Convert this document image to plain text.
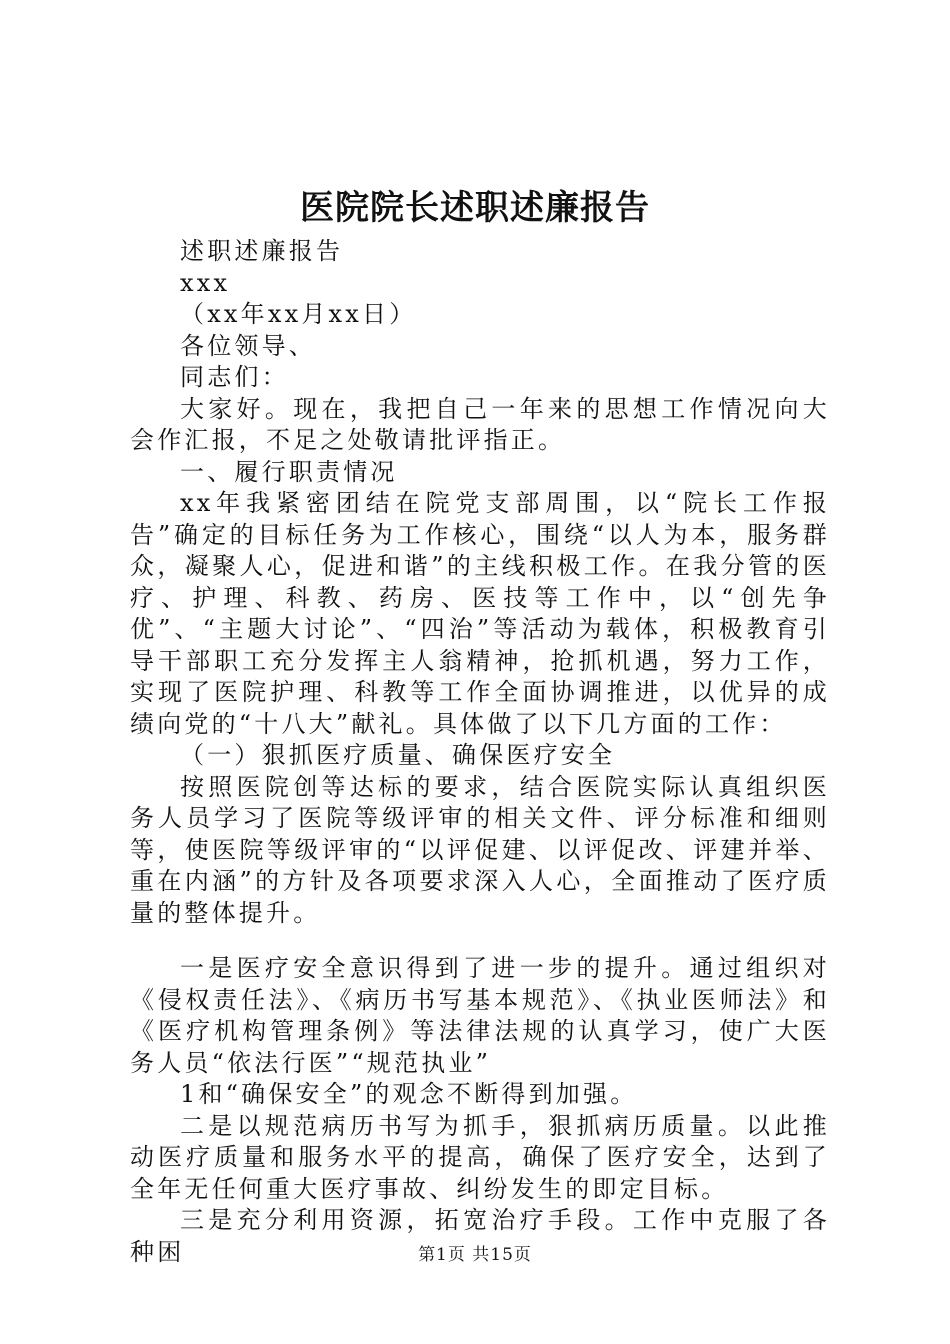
医院院长述职述廉报告

述职述廉报告

xxx

（xx年xx月xx日）

各位领导、

同志们：

大家好。现在，我把自己一年来的思想工作情况向大会作汇报，不足之处敬请批评指正。

一、履行职责情况

xx年我紧密团结在院党支部周围，以“院长工作报告”确定的目标任务为工作核心，围绕“以人为本，服务群众，凝聚人心，促进和谐”的主线积极工作。在我分管的医疗、护理、科教、药房、医技等工作中，以“创先争优”、“主题大讨论”、“四治”等活动为载体，积极教育引导干部职工充分发挥主人翁精神，抢抓机遇，努力工作，实现了医院护理、科教等工作全面协调推进，以优异的成绩向党的“十八大”献礼。具体做了以下几方面的工作：

（一）狠抓医疗质量、确保医疗安全

按照医院创等达标的要求，结合医院实际认真组织医务人员学习了医院等级评审的相关文件、评分标准和细则等，使医院等级评审的“以评促建、以评促改、评建并举、重在内涵”的方针及各项要求深入人心，全面推动了医疗质量的整体提升。

一是医疗安全意识得到了进一步的提升。通过组织对《侵权责任法》、《病历书写基本规范》、《执业医师法》和《医疗机构管理条例》等法律法规的认真学习，使广大医务人员“依法行医”“规范执业”

1和“确保安全”的观念不断得到加强。

二是以规范病历书写为抓手，狠抓病历质量。以此推动医疗质量和服务水平的提高，确保了医疗安全，达到了全年无任何重大医疗事故、纠纷发生的即定目标。

三是充分利用资源，拓宽治疗手段。工作中克服了各种困	第1页 共15页
